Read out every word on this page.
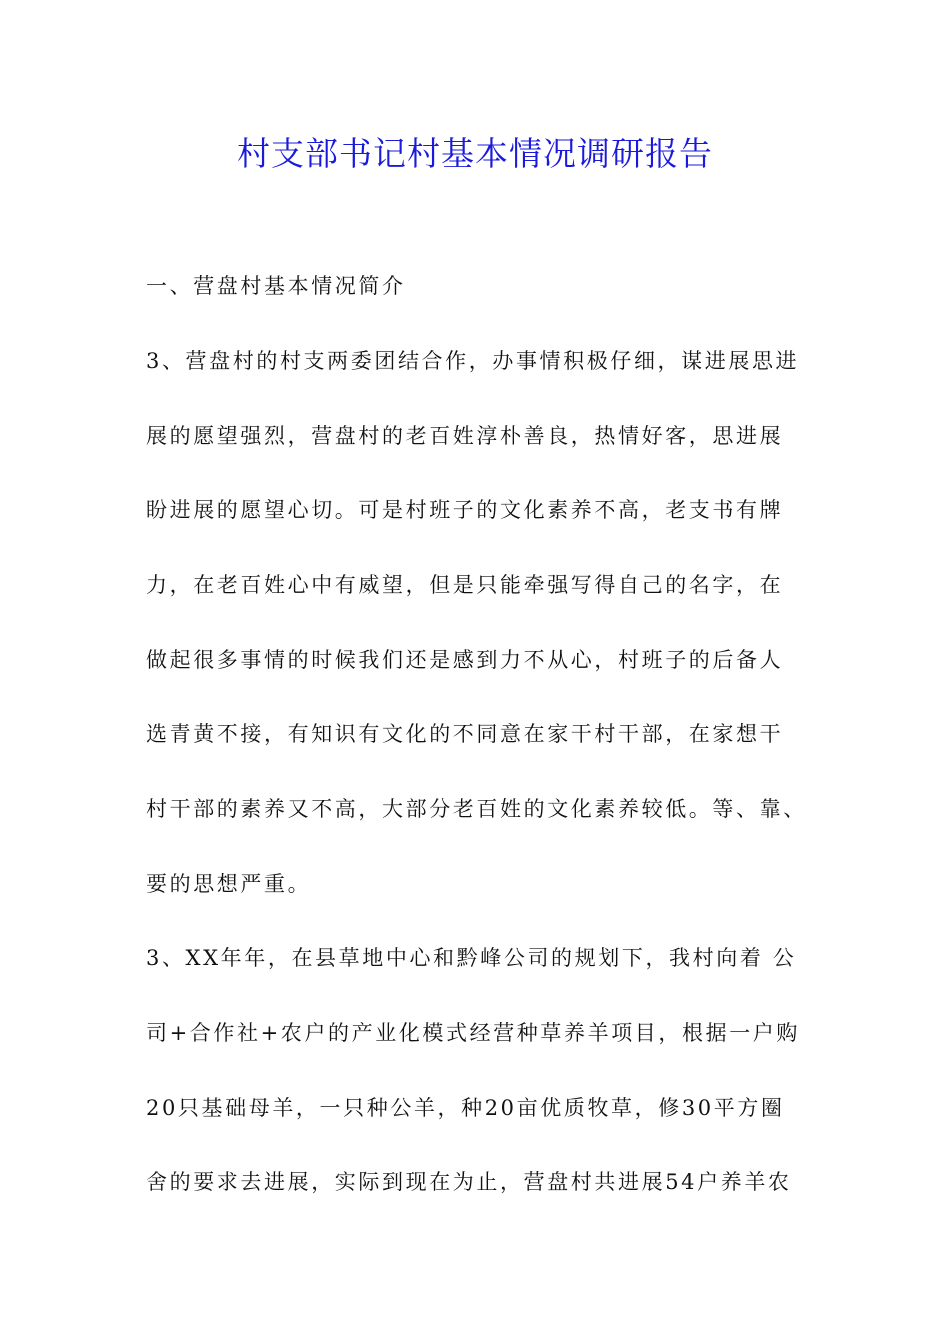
村支部书记村基本情况调研报告

一、营盘村基本情况简介

3、营盘村的村支两委团结合作，办事情积极仔细，谋进展思进

展的愿望强烈，营盘村的老百姓淳朴善良，热情好客，思进展

盼进展的愿望心切。可是村班子的文化素养不高，老支书有牌

力，在老百姓心中有威望，但是只能牵强写得自己的名字，在

做起很多事情的时候我们还是感到力不从心，村班子的后备人

选青黄不接，有知识有文化的不同意在家干村干部，在家想干

村干部的素养又不高，大部分老百姓的文化素养较低。等、靠、

要的思想严重。

3、XX年年，在县草地中心和黔峰公司的规划下，我村向着 公

司+合作社+农户的产业化模式经营种草养羊项目，根据一户购

20只基础母羊，一只种公羊，种20亩优质牧草，修30平方圈

舍的要求去进展，实际到现在为止，营盘村共进展54户养羊农
